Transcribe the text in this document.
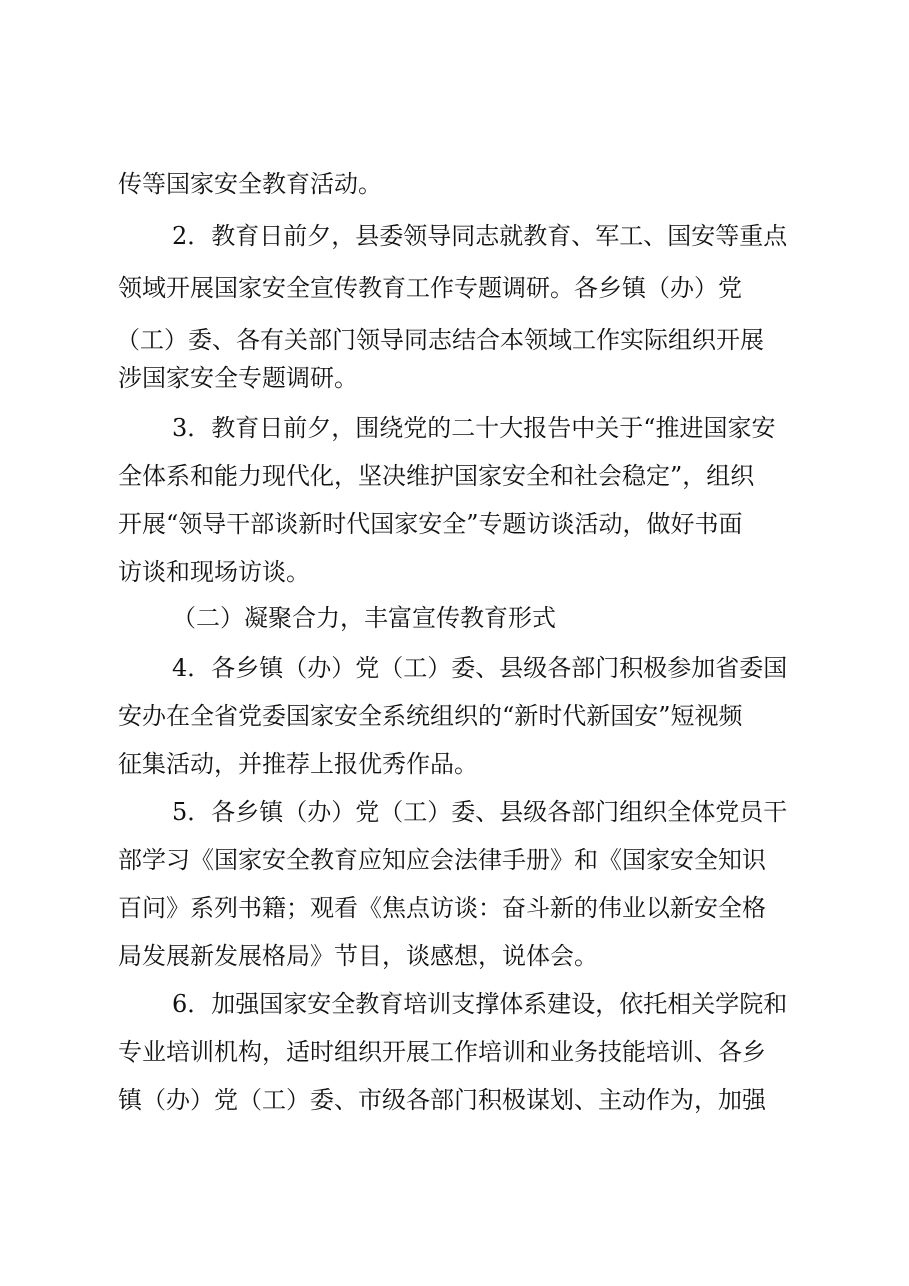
传等国家安全教育活动。
2．教育日前夕，县委领导同志就教育、军工、国安等重点
领域开展国家安全宣传教育工作专题调研。各乡镇（办）党
（工）委、各有关部门领导同志结合本领域工作实际组织开展
涉国家安全专题调研。
3．教育日前夕，围绕党的二十大报告中关于“推进国家安
全体系和能力现代化，坚决维护国家安全和社会稳定”，组织
开展“领导干部谈新时代国家安全”专题访谈活动，做好书面
访谈和现场访谈。
（二）凝聚合力，丰富宣传教育形式
4．各乡镇（办）党（工）委、县级各部门积极参加省委国
安办在全省党委国家安全系统组织的“新时代新国安”短视频
征集活动，并推荐上报优秀作品。
5．各乡镇（办）党（工）委、县级各部门组织全体党员干
部学习《国家安全教育应知应会法律手册》和《国家安全知识
百问》系列书籍；观看《焦点访谈：奋斗新的伟业以新安全格
局发展新发展格局》节目，谈感想，说体会。
6．加强国家安全教育培训支撑体系建设，依托相关学院和
专业培训机构，适时组织开展工作培训和业务技能培训、各乡
镇（办）党（工）委、市级各部门积极谋划、主动作为，加强
